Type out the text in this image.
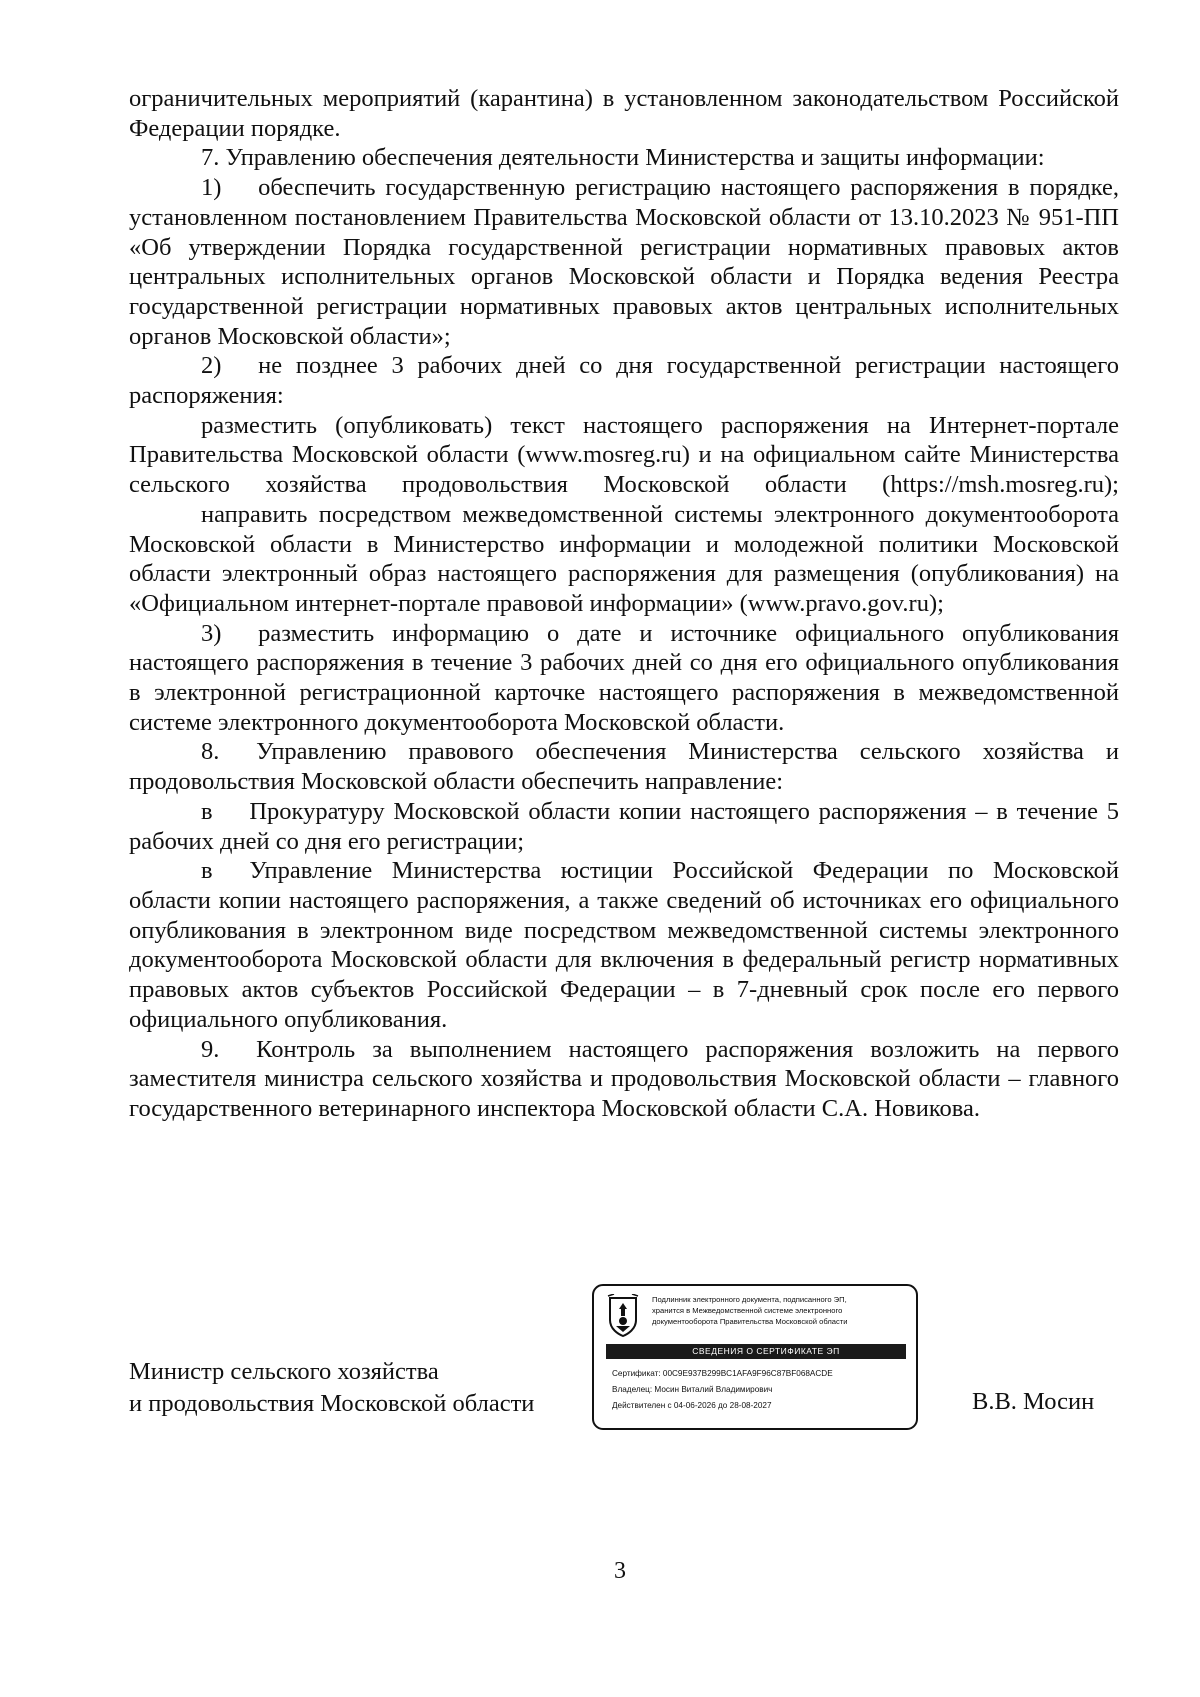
ограничительных мероприятий (карантина) в установленном законодательством Российской Федерации порядке.

7. Управлению обеспечения деятельности Министерства и защиты информации:

1)  обеспечить государственную регистрацию настоящего распоряжения в порядке, установленном постановлением Правительства Московской области от 13.10.2023 № 951-ПП «Об утверждении Порядка государственной регистрации нормативных правовых актов центральных исполнительных органов Московской области и Порядка ведения Реестра государственной регистрации нормативных правовых актов центральных исполнительных органов Московской области»;

2)  не позднее 3 рабочих дней со дня государственной регистрации настоящего распоряжения:

разместить (опубликовать) текст настоящего распоряжения на Интернет-портале Правительства Московской области (www.mosreg.ru) и на официальном сайте Министерства сельского хозяйства продовольствия Московской области (https://msh.mosreg.ru);

направить посредством межведомственной системы электронного документооборота Московской области в Министерство информации и молодежной политики Московской области электронный образ настоящего распоряжения для размещения (опубликования) на «Официальном интернет-портале правовой информации» (www.pravo.gov.ru);

3)  разместить информацию о дате и источнике официального опубликования настоящего распоряжения в течение 3 рабочих дней со дня его официального опубликования в электронной регистрационной карточке настоящего распоряжения в межведомственной системе электронного документооборота Московской области.

8.  Управлению правового обеспечения Министерства сельского хозяйства и продовольствия Московской области обеспечить направление:

в  Прокуратуру Московской области копии настоящего распоряжения – в течение 5 рабочих дней со дня его регистрации;

в  Управление Министерства юстиции Российской Федерации по Московской области копии настоящего распоряжения, а также сведений об источниках его официального опубликования в электронном виде посредством межведомственной системы электронного документооборота Московской области для включения в федеральный регистр нормативных правовых актов субъектов Российской Федерации – в 7-дневный срок после его первого официального опубликования.

9.  Контроль за выполнением настоящего распоряжения возложить на первого заместителя министра сельского хозяйства и продовольствия Московской области – главного государственного ветеринарного инспектора Московской области С.А. Новикова.

Подлинник электронного документа, подписанного ЭП,
хранится в Межведомственной системе электронного
документооборота Правительства Московской области
СВЕДЕНИЯ О СЕРТИФИКАТЕ ЭП
Сертификат: 00C9E937B299BC1AFA9F96C87BF068ACDE
Владелец: Мосин Виталий Владимирович
Действителен с 04-06-2026 до 28-08-2027
Министр сельского хозяйства
и продовольствия Московской области	В.В. Мосин
3
